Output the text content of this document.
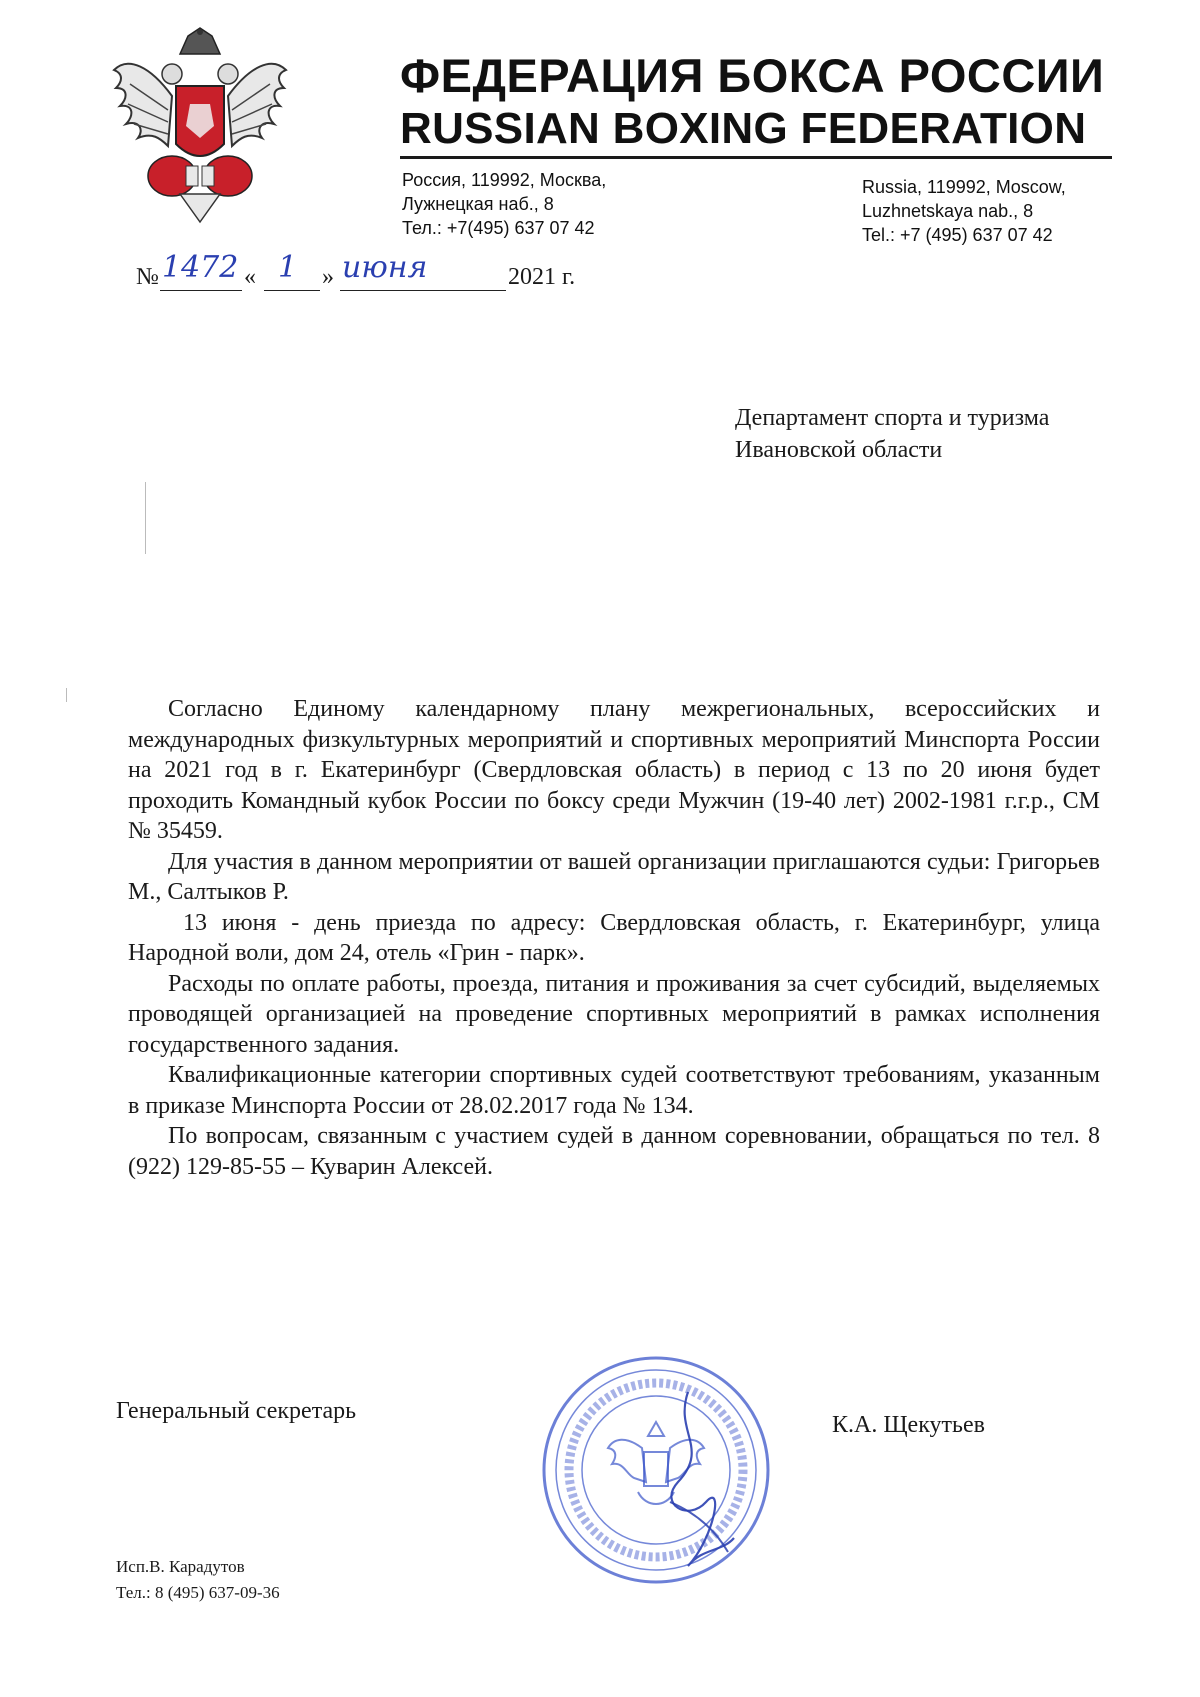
ФЕДЕРАЦИЯ БОКСА РОССИИ
RUSSIAN BOXING FEDERATION
Россия, 119992, Москва,
Лужнецкая наб., 8
Тел.: +7(495) 637 07 42
Russia, 119992, Moscow,
Luzhnetskaya nab., 8
Tel.: +7 (495) 637 07 42
№ 1472 « 1 » июня	2021 г.
Департамент спорта и туризма
Ивановской области

Согласно Единому календарному плану межрегиональных, всероссийских и международных физкультурных мероприятий и спортивных мероприятий Минспорта России на 2021 год в г. Екатеринбург (Свердловская область) в период с 13 по 20 июня будет проходить Командный кубок России по боксу среди Мужчин (19-40 лет) 2002-1981 г.г.р., СМ № 35459.

Для участия в данном мероприятии от вашей организации приглашаются судьи: Григорьев М., Салтыков Р.

13 июня - день приезда по адресу: Свердловская область, г. Екатеринбург, улица Народной воли, дом 24, отель «Грин - парк».

Расходы по оплате работы, проезда, питания и проживания за счет субсидий, выделяемых проводящей организацией на проведение спортивных мероприятий в рамках исполнения государственного задания.

Квалификационные категории спортивных судей соответствуют требованиям, указанным в приказе Минспорта России от 28.02.2017 года № 134.

По вопросам, связанным с участием судей в данном соревновании, обращаться по тел. 8 (922) 129-85-55 – Куварин Алексей.

Генеральный секретарь
К.А. Щекутьев
Исп.В. Карадутов
Тел.: 8 (495) 637-09-36
